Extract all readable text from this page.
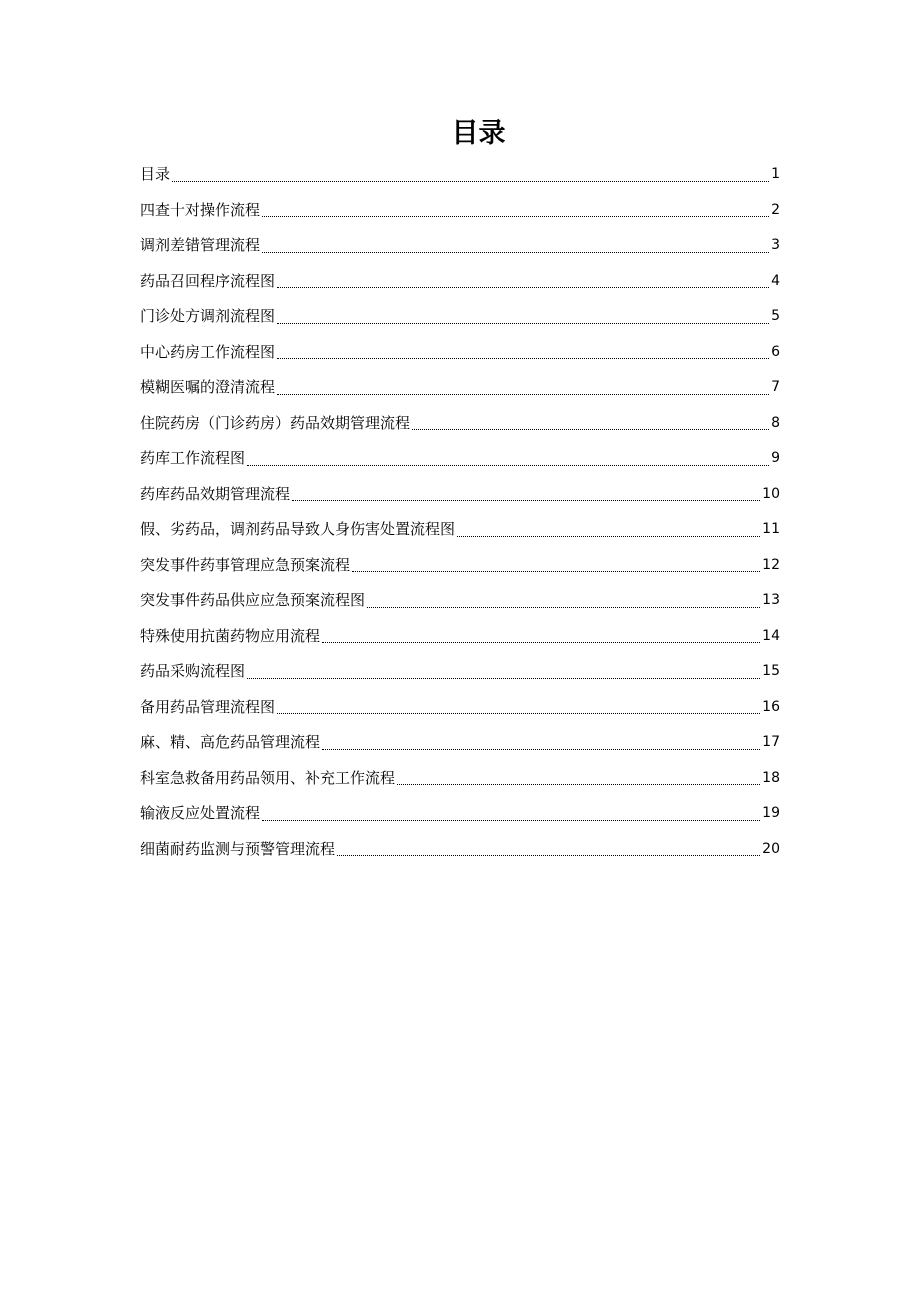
目录
目录	1
四查十对操作流程	2
调剂差错管理流程	3
药品召回程序流程图	4
门诊处方调剂流程图	5
中心药房工作流程图	6
模糊医嘱的澄清流程	7
住院药房（门诊药房）药品效期管理流程	8
药库工作流程图	9
药库药品效期管理流程	10
假、劣药品，调剂药品导致人身伤害处置流程图	11
突发事件药事管理应急预案流程	12
突发事件药品供应应急预案流程图	13
特殊使用抗菌药物应用流程	14
药品采购流程图	15
备用药品管理流程图	16
麻、精、高危药品管理流程	17
科室急救备用药品领用、补充工作流程	18
输液反应处置流程	19
细菌耐药监测与预警管理流程	20
